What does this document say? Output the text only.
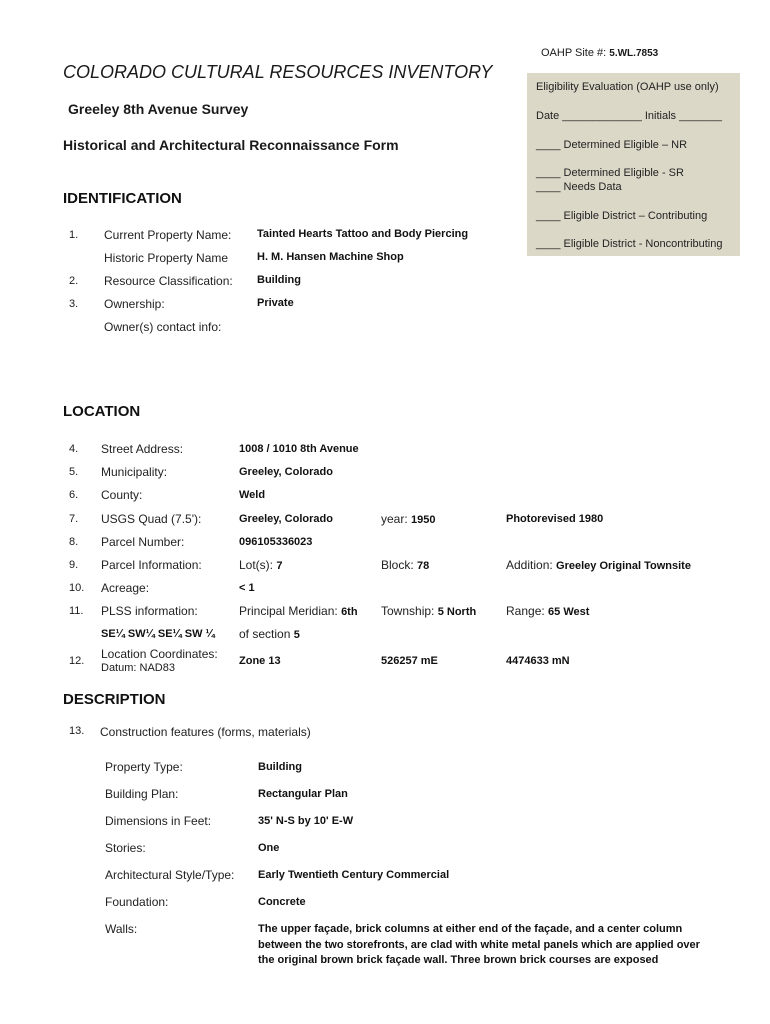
OAHP Site #: 5.WL.7853
COLORADO CULTURAL RESOURCES INVENTORY
Greeley 8th Avenue Survey
Historical and Architectural Reconnaissance Form
Eligibility Evaluation (OAHP use only)
Date _____________ Initials _______
____ Determined Eligible – NR
____ Determined Eligible - SR
____ Needs Data
____ Eligible District – Contributing
____ Eligible District - Noncontributing
IDENTIFICATION
1. Current Property Name: Tainted Hearts Tattoo and Body Piercing
Historic Property Name	H. M. Hansen Machine Shop
2. Resource Classification: Building
3. Ownership:	Private
Owner(s) contact info:
LOCATION
4. Street Address:	1008 / 1010 8th Avenue
5. Municipality:	Greeley, Colorado
6. County:	Weld
7. USGS Quad (7.5'):	Greeley, Colorado	year: 1950	Photorevised 1980
8. Parcel Number:	096105336023
9. Parcel Information:	Lot(s): 7	Block: 78	Addition: Greeley Original Townsite
10. Acreage:	< 1
11. PLSS information:	Principal Meridian: 6th Township: 5 North Range: 65 West
SE¼ SW¼ SE¼ SW ¼ of section 5
12. Location Coordinates:
Datum: NAD83
Zone 13	526257 mE	4474633 mN
DESCRIPTION
13. Construction features (forms, materials)
Property Type:	Building
Building Plan:	Rectangular Plan
Dimensions in Feet:	35' N-S by 10' E-W
Stories:	One
Architectural Style/Type: Early Twentieth Century Commercial
Foundation:	Concrete
Walls:	The upper façade, brick columns at either end of the façade, and a center column between the two storefronts, are clad with white metal panels which are applied over the original brown brick façade wall. Three brown brick courses are exposed
